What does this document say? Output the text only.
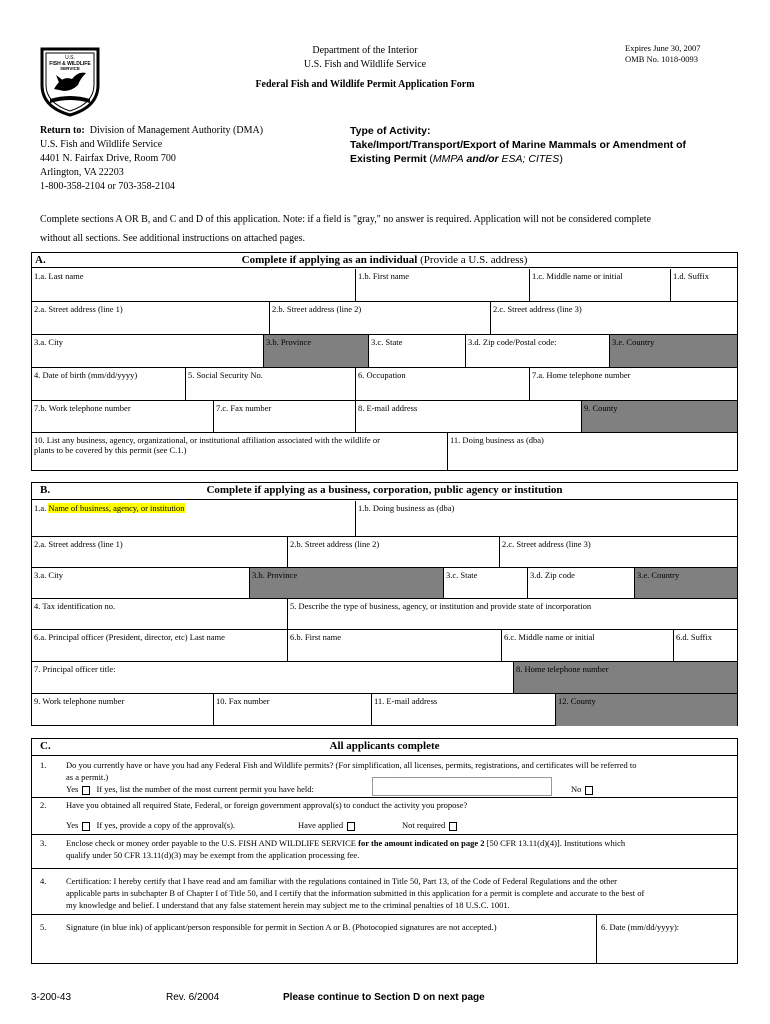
U.S.
FISH & WILDLIFE
SERVICE
Department of the Interior
U.S. Fish and Wildlife Service
Federal Fish and Wildlife Permit Application Form
Expires June 30, 2007
OMB No. 1018-0093
Return to: Division of Management Authority (DMA)
U.S. Fish and Wildlife Service
4401 N. Fairfax Drive, Room 700
Arlington, VA 22203
1-800-358-2104 or 703-358-2104
Type of Activity:
Take/Import/Transport/Export of Marine Mammals or Amendment of
Existing Permit (MMPA and/or ESA; CITES)
Complete sections A OR B, and C and D of this application. Note: if a field is "gray," no answer is required. Application will not be considered complete
without all sections. See additional instructions on attached pages.
A.	Complete if applying as an individual (Provide a U.S. address)
1.a. Last name	1.b. First name	1.c. Middle name or initial	1.d. Suffix
2.a. Street address (line 1)	2.b. Street address (line 2)	2.c. Street address (line 3)
3.a. City	3.b. Province	3.c. State	3.d. Zip code/Postal code:	3.e. Country
4. Date of birth (mm/dd/yyyy)	5. Social Security No.	6. Occupation	7.a. Home telephone number
7.b. Work telephone number	7.c. Fax number	8. E-mail address	9. County
10. List any business, agency, organizational, or institutional affiliation associated with the wildlife or
plants to be covered by this permit (see C.1.)
11. Doing business as (dba)
B.	Complete if applying as a business, corporation, public agency or institution
1.a. Name of business, agency, or institution	1.b. Doing business as (dba)
2.a. Street address (line 1)	2.b. Street address (line 2)	2.c. Street address (line 3)
3.a. City	3.b. Province	3.c. State	3.d. Zip code	3.e. Country
4. Tax identification no.	5. Describe the type of business, agency, or institution and provide state of incorporation
6.a. Principal officer (President, director, etc) Last name	6.b. First name	6.c. Middle name or initial	6.d. Suffix
7. Principal officer title:	8. Home telephone number
9. Work telephone number	10. Fax number	11. E-mail address	12. County
C.	All applicants complete
1. Do you currently have or have you had any Federal Fish and Wildlife permits? (For simplification, all licenses, permits, registrations, and certificates will be referred to
as a permit.)
Yes If yes, list the number of the most current permit you have held:	No
2. Have you obtained all required State, Federal, or foreign government approval(s) to conduct the activity you propose?
Yes If yes, provide a copy of the approval(s).	Have applied	Not required
3. Enclose check or money order payable to the U.S. FISH AND WILDLIFE SERVICE for the amount indicated on page 2 [50 CFR 13.11(d)(4)]. Institutions which
qualify under 50 CFR 13.11(d)(3) may be exempt from the application processing fee.
4. Certification: I hereby certify that I have read and am familiar with the regulations contained in Title 50, Part 13, of the Code of Federal Regulations and the other
applicable parts in subchapter B of Chapter I of Title 50, and I certify that the information submitted in this application for a permit is complete and accurate to the best of
my knowledge and belief. I understand that any false statement herein may subject me to the criminal penalties of 18 U.S.C. 1001.
5. Signature (in blue ink) of applicant/person responsible for permit in Section A or B. (Photocopied signatures are not accepted.)	6. Date (mm/dd/yyyy):
3-200-43	Rev. 6/2004	Please continue to Section D on next page
